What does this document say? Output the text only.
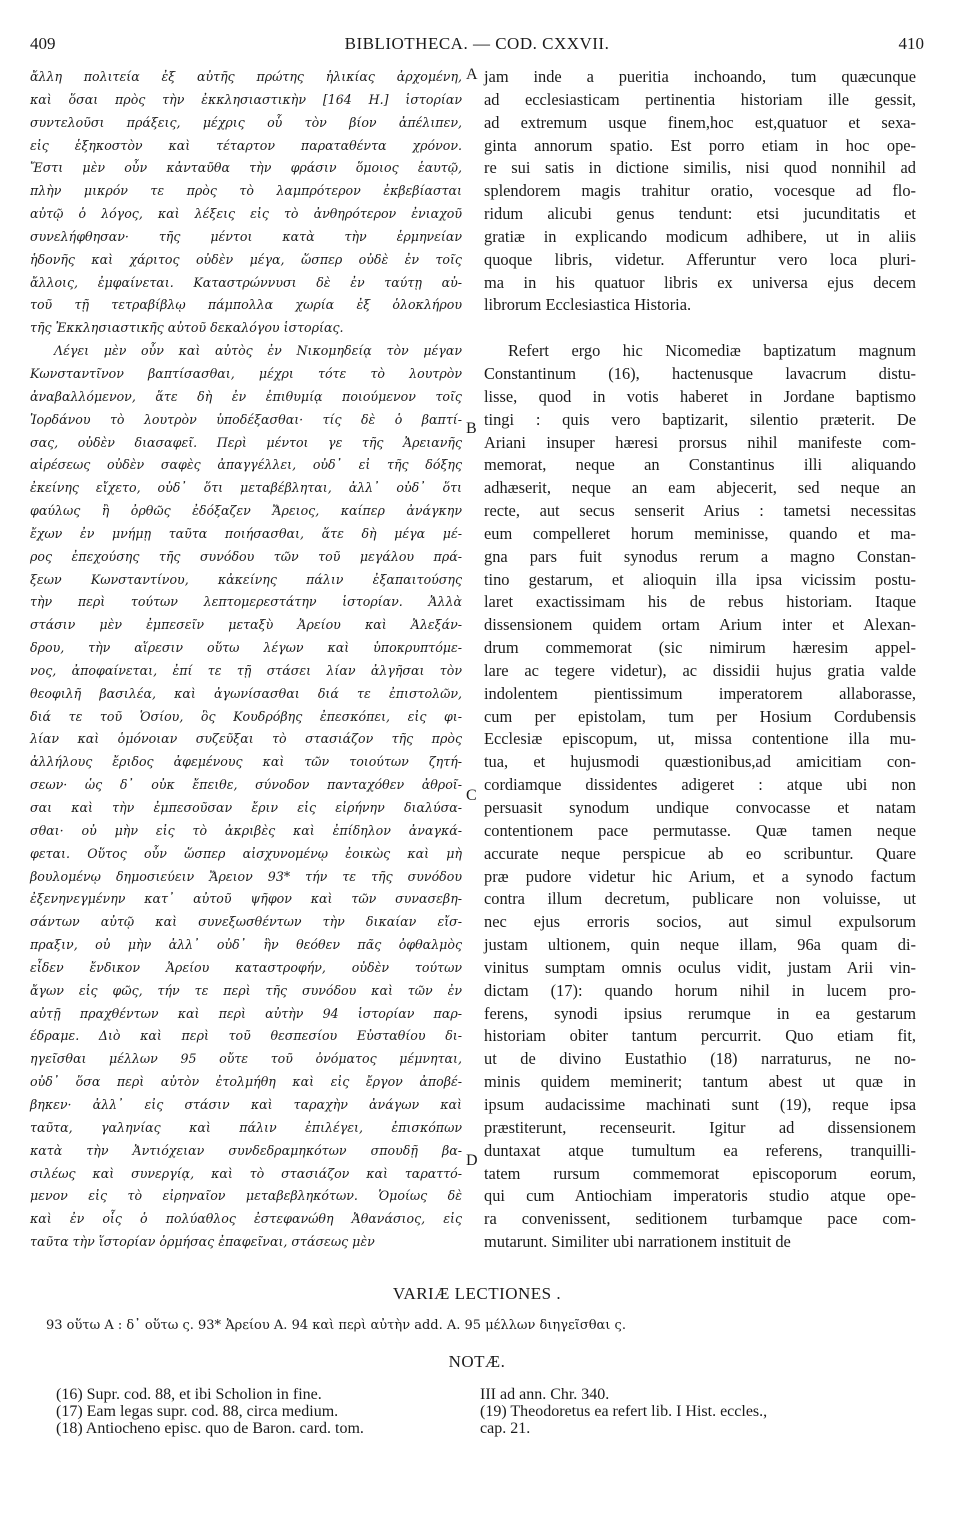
409	BIBLIOTHECA. — COD. CXXVII.	410
ἄλλη πολιτεία ἐξ αὐτῆς πρώτης ἡλικίας ἀρχομένη,
καὶ ὅσαι πρὸς τὴν ἐκκλησιαστικὴν [164 Η.] ἱστορίαν
συντελοῦσι πράξεις, μέχρις οὗ τὸν βίον ἀπέλιπεν,
εἰς ἑξηκοστὸν καὶ τέταρτον παραταθέντα χρόνον.
Ἔστι μὲν οὖν κἀνταῦθα τὴν φράσιν ὅμοιος ἑαυτῷ,
πλὴν μικρόν τε πρὸς τὸ λαμπρότερον ἐκβεβίασται
αὐτῷ ὁ λόγος, καὶ λέξεις εἰς τὸ ἀνθηρότερον ἐνιαχοῦ
συνελήφθησαν· τῆς μέντοι κατὰ τὴν ἑρμηνείαν
ἡδονῆς καὶ χάριτος οὐδὲν μέγα, ὥσπερ οὐδὲ ἐν τοῖς
ἄλλοις, ἐμφαίνεται. Καταστρώννυσι δὲ ἐν ταύτῃ αὐ-
τοῦ τῇ τετραβίβλῳ πάμπολλα χωρία ἐξ ὁλοκλήρου
τῆς Ἐκκλησιαστικῆς αὐτοῦ δεκαλόγου ἱστορίας.
Λέγει μὲν οὖν καὶ αὐτὸς ἐν Νικομηδείᾳ τὸν μέγαν
Κωνσταντῖνον βαπτίσασθαι, μέχρι τότε τὸ λουτρὸν
ἀναβαλλόμενον, ἅτε δὴ ἐν ἐπιθυμίᾳ ποιούμενον τοῖς
Ἰορδάνου τὸ λουτρὸν ὑποδέξασθαι· τίς δὲ ὁ βαπτί-
σας, οὐδὲν διασαφεῖ. Περὶ μέντοι γε τῆς Ἀρειανῆς
αἱρέσεως οὐδὲν σαφὲς ἀπαγγέλλει, οὐδ᾿ εἰ τῆς δόξης
ἐκείνης εἴχετο, οὐδ᾿ ὅτι μεταβέβληται, ἀλλ᾿ οὐδ᾿ ὅτι
φαύλως ἢ ὀρθῶς ἐδόξαζεν Ἄρειος, καίπερ ἀνάγκην
ἔχων ἐν μνήμῃ ταῦτα ποιήσασθαι, ἅτε δὴ μέγα μέ-
ρος ἐπεχούσης τῆς συνόδου τῶν τοῦ μεγάλου πρά-
ξεων Κωνσταντίνου, κἀκείνης πάλιν ἐξαπαιτούσης
τὴν περὶ τούτων λεπτομερεστάτην ἱστορίαν. Ἀλλὰ
στάσιν μὲν ἐμπεσεῖν μεταξὺ Ἀρείου καὶ Ἀλεξάν-
δρου, τὴν αἵρεσιν οὕτω λέγων καὶ ὑποκρυπτόμε-
νος, ἀποφαίνεται, ἐπί τε τῇ στάσει λίαν ἀλγῆσαι τὸν
θεοφιλῆ βασιλέα, καὶ ἀγωνίσασθαι διά τε ἐπιστολῶν,
διά τε τοῦ Ὁσίου, ὃς Κουδρόβης ἐπεσκόπει, εἰς φι-
λίαν καὶ ὁμόνοιαν συζεῦξαι τὸ στασιάζον τῆς πρὸς
ἀλλήλους ἔριδος ἀφεμένους καὶ τῶν τοιούτων ζητή-
σεων· ὡς δ᾿ οὐκ ἔπειθε, σύνοδον πανταχόθεν ἀθροῖ-
σαι καὶ τὴν ἐμπεσοῦσαν ἔριν εἰς εἰρήνην διαλύσα-
σθαι· οὐ μὴν εἰς τὸ ἀκριβὲς καὶ ἐπίδηλον ἀναγκά-
φεται. Οὕτος οὖν ὥσπερ αἰσχυνομένῳ ἐοικὼς καὶ μὴ
βουλομένῳ δημοσιεύειν Ἄρειον 93* τήν τε τῆς συνόδου
ἐξενηνεγμένην κατ᾿ αὐτοῦ ψῆφον καὶ τῶν συνασεβη-
σάντων αὐτῷ καὶ συνεξωσθέντων τὴν δικαίαν εἴσ-
πραξιν, οὐ μὴν ἀλλ᾿ οὐδ᾿ ἣν θεόθεν πᾶς ὀφθαλμὸς
εἶδεν ἔνδικον Ἀρείου καταστροφήν, οὐδὲν τούτων
ἄγων εἰς φῶς, τήν τε περὶ τῆς συνόδου καὶ τῶν ἐν
αὐτῇ πραχθέντων καὶ περὶ αὐτὴν 94 ἱστορίαν παρ-
έδραμε. Διὸ καὶ περὶ τοῦ θεσπεσίου Εὐσταθίου δι-
ηγεῖσθαι μέλλων 95 οὔτε τοῦ ὀνόματος μέμνηται,
οὐδ᾿ ὅσα περὶ αὐτὸν ἐτολμήθη καὶ εἰς ἔργον ἀποβέ-
βηκεν· ἀλλ᾿ εἰς στάσιν καὶ ταραχὴν ἀνάγων καὶ
ταῦτα, γαληνίας καὶ πάλιν ἐπιλέγει, ἐπισκόπων
κατὰ τὴν Ἀντιόχειαν συνδεδραμηκότων σπουδῇ βα-
σιλέως καὶ συνεργίᾳ, καὶ τὸ στασιάζον καὶ ταραττό-
μενον εἰς τὸ εἰρηναῖον μεταβεβληκότων. Ὁμοίως δὲ
καὶ ἐν οἷς ὁ πολύαθλος ἐστεφανώθη Ἀθανάσιος, εἰς
ταῦτα τὴν ἵστορίαν ὁρμήσας ἐπαφεῖναι, στάσεως μὲν
jam inde a pueritia inchoando, tum quæcunque
ad ecclesiasticam pertinentia historiam ille gessit,
ad extremum usque finem,hoc est,quatuor et sexa-
ginta annorum spatio. Est porro etiam in hoc ope-
re sui satis in dictione similis, nisi quod nonnihil ad
splendorem magis trahitur oratio, vocesque ad flo-
ridum alicubi genus tendunt: etsi jucunditatis et
gratiæ in explicando modicum adhibere, ut in aliis
quoque libris, videtur. Afferuntur vero loca pluri-
ma in his quatuor libris ex universa ejus decem
librorum Ecclesiastica Historia.
Refert ergo hic Nicomediæ baptizatum magnum
Constantinum (16), hactenusque lavacrum distu-
lisse, quod in votis haberet in Jordane baptismo
tingi : quis vero baptizarit, silentio præterit. De
Ariani insuper hæresi prorsus nihil manifeste com-
memorat, neque an Constantinus illi aliquando
adhæserit, neque an eam abjecerit, sed neque an
recte, aut secus senserit Arius : tametsi necessitas
eum compelleret horum meminisse, quando et ma-
gna pars fuit synodus rerum a magno Constan-
tino gestarum, et alioquin illa ipsa vicissim postu-
laret exactissimam his de rebus historiam. Itaque
dissensionem quidem ortam Arium inter et Alexan-
drum commemorat (sic nimirum hæresim appel-
lare ac tegere videtur), ac dissidii hujus gratia valde
indolentem pientissimum imperatorem allaborasse,
cum per epistolam, tum per Hosium Cordubensis
Ecclesiæ episcopum, ut, missa contentione illa mu-
tua, et hujusmodi quæstionibus,ad amicitiam con-
cordiamque dissidentes adigeret : atque ubi non
persuasit synodum undique convocasse et natam
contentionem pace permutasse. Quæ tamen neque
accurate neque perspicue ab eo scribuntur. Quare
præ pudore videtur hic Arium, et a synodo factum
contra illum decretum, publicare non voluisse, ut
nec ejus erroris socios, aut simul expulsorum
justam ultionem, quin neque illam, 96a quam di-
vinitus sumptam omnis oculus vidit, justam Arii vin-
dictam (17): quando horum nihil in lucem pro-
ferens, synodi ipsius rerumque in ea gestarum
historiam obiter tantum percurrit. Quo etiam fit,
ut de divino Eustathio (18) narraturus, ne no-
minis quidem meminerit; tantum abest ut quæ in
ipsum audacissime machinati sunt (19), reque ipsa
præstiterunt, recenseurit. Igitur ad dissensionem
duntaxat atque tumultum ea referens, tranquilli-
tatem rursum commemorat episcoporum eorum,
qui cum Antiochiam imperatoris studio atque ope-
ra convenissent, seditionem turbamque pace com-
mutarunt. Similiter ubi narrationem instituit de
A
B
C
D
VARIÆ LECTIONES .
93 οὕτω A : δ᾿ οὕτω ς. 93* Ἀρείου A. 94 καὶ περὶ αὐτὴν add. A. 95 μέλλων διηγεῖσθαι ς.
NOTÆ.
(16) Supr. cod. 88, et ibi Scholion in fine.
(17) Eam legas supr. cod. 88, circa medium.
(18) Antiocheno episc. quo de Baron. card. tom.
III ad ann. Chr. 340.
(19) Theodoretus ea refert lib. I Hist. eccles.,
cap. 21.
